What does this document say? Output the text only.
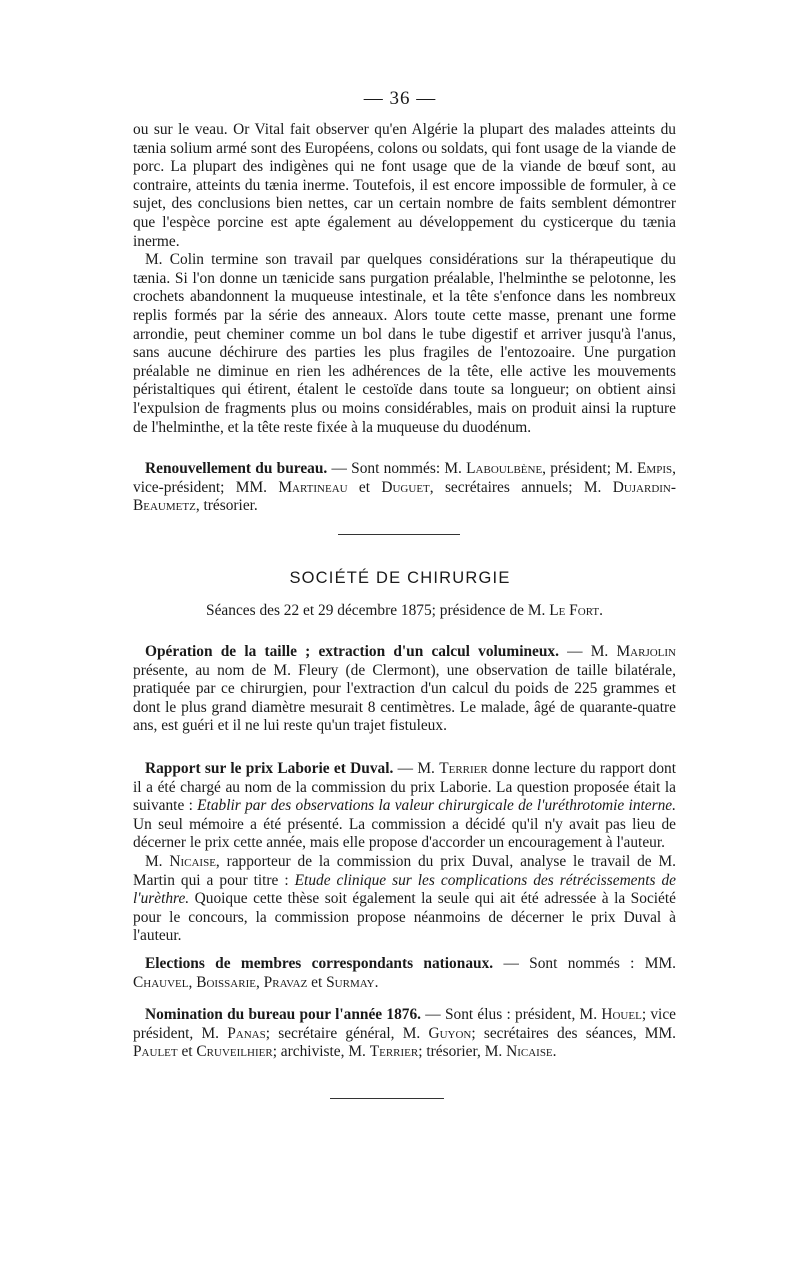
— 36 —

ou sur le veau. Or Vital fait observer qu'en Algérie la plupart des malades atteints du tænia solium armé sont des Européens, colons ou soldats, qui font usage de la viande de porc. La plupart des indigènes qui ne font usage que de la viande de bœuf sont, au contraire, atteints du tænia inerme. Toutefois, il est encore impossible de formuler, à ce sujet, des conclusions bien nettes, car un certain nombre de faits semblent démontrer que l'espèce porcine est apte également au développement du cysticerque du tænia inerme.

M. Colin termine son travail par quelques considérations sur la thérapeutique du tænia. Si l'on donne un tænicide sans purgation préalable, l'helminthe se pelotonne, les crochets abandonnent la muqueuse intestinale, et la tête s'enfonce dans les nombreux replis formés par la série des anneaux. Alors toute cette masse, prenant une forme arrondie, peut cheminer comme un bol dans le tube digestif et arriver jusqu'à l'anus, sans aucune déchirure des parties les plus fragiles de l'entozoaire. Une purgation préalable ne diminue en rien les adhérences de la tête, elle active les mouvements péristaltiques qui étirent, étalent le cestoïde dans toute sa longueur; on obtient ainsi l'expulsion de fragments plus ou moins considérables, mais on produit ainsi la rupture de l'helminthe, et la tête reste fixée à la muqueuse du duodénum.

Renouvellement du bureau. — Sont nommés: M. Laboulbène, président; M. Empis, vice-président; MM. Martineau et Duguet, secrétaires annuels; M. Dujardin-Beaumetz, trésorier.

SOCIÉTÉ DE CHIRURGIE

Séances des 22 et 29 décembre 1875; présidence de M. Le Fort.

Opération de la taille ; extraction d'un calcul volumineux. — M. Marjolin présente, au nom de M. Fleury (de Clermont), une observation de taille bilatérale, pratiquée par ce chirurgien, pour l'extraction d'un calcul du poids de 225 grammes et dont le plus grand diamètre mesurait 8 centimètres. Le malade, âgé de quarante-quatre ans, est guéri et il ne lui reste qu'un trajet fistuleux.

Rapport sur le prix Laborie et Duval. — M. Terrier donne lecture du rapport dont il a été chargé au nom de la commission du prix Laborie. La question proposée était la suivante : Etablir par des observations la valeur chirurgicale de l'uréthrotomie interne. Un seul mémoire a été présenté. La commission a décidé qu'il n'y avait pas lieu de décerner le prix cette année, mais elle propose d'accorder un encouragement à l'auteur.

M. Nicaise, rapporteur de la commission du prix Duval, analyse le travail de M. Martin qui a pour titre : Etude clinique sur les complications des rétrécissements de l'urèthre. Quoique cette thèse soit également la seule qui ait été adressée à la Société pour le concours, la commission propose néanmoins de décerner le prix Duval à l'auteur.

Elections de membres correspondants nationaux. — Sont nommés : MM. Chauvel, Boissarie, Pravaz et Surmay.

Nomination du bureau pour l'année 1876. — Sont élus : président, M. Houel; vice président, M. Panas; secrétaire général, M. Guyon; secrétaires des séances, MM. Paulet et Cruveilhier; archiviste, M. Terrier; trésorier, M. Nicaise.
